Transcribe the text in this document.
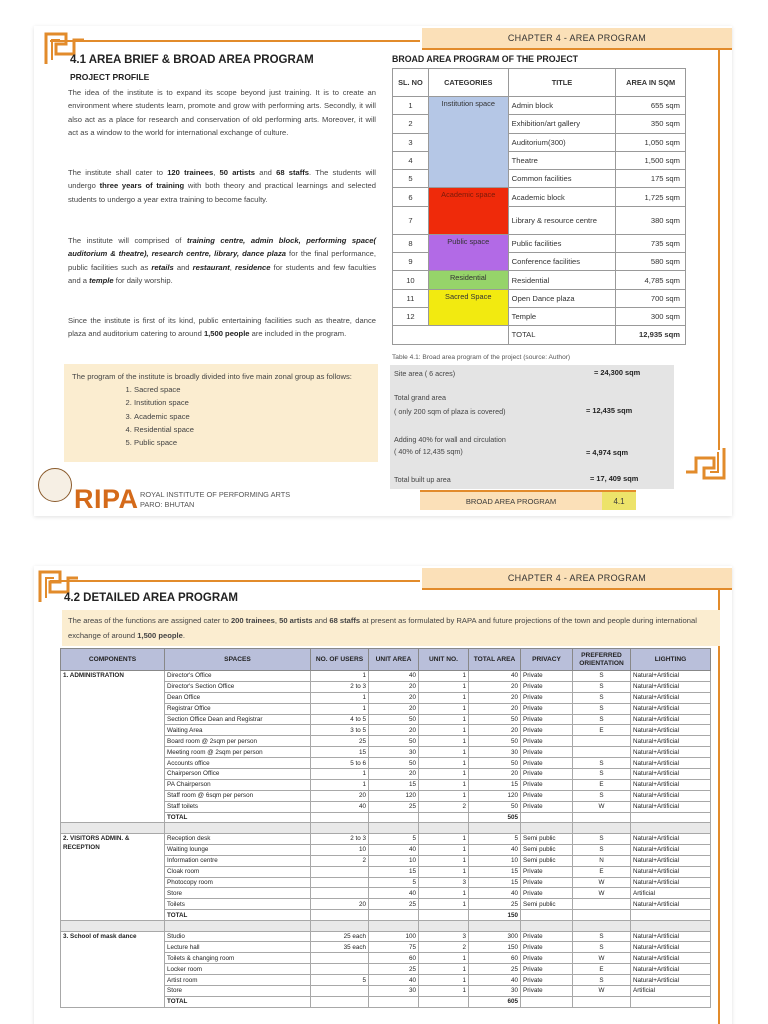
CHAPTER 4 - AREA PROGRAM
4.1 AREA BRIEF & BROAD AREA PROGRAM
PROJECT PROFILE
The idea of the institute is to expand its scope beyond just training. It is to create an environment where students learn, promote and grow with performing arts. Secondly, it will also act as a place for research and conservation of old performing arts. Moreover, it will act as a window to the world for international exchange of culture.
The institute shall cater to 120 trainees, 50 artists and 68 staffs. The students will undergo three years of training with both theory and practical learnings and selected students to undergo a year extra training to become faculty.
The institute will comprised of training centre, admin block, performing space( auditorium & theatre), research centre, library, dance plaza for the final performance, public facilities such as retails and restaurant, residence for students and few faculties and a temple for daily worship.
Since the institute is first of its kind, public entertaining facilities such as theatre, dance plaza and auditorium catering to around 1,500 people are included in the program.
The program of the institute is broadly divided into five main zonal group as follows:
1. Sacred space
2. Institution space
3. Academic space
4. Residential space
5. Public space
RIPA ROYAL INSTITUTE OF PERFORMING ARTS
PARO: BHUTAN
BROAD AREA PROGRAM OF THE PROJECT
SL. NO	CATEGORIES	TITLE	AREA IN SQM
1	Institution space	Admin block	655 sqm
2		Exhibition/art gallery	350 sqm
3		Auditorium(300)	1,050 sqm
4		Theatre	1,500 sqm
5		Common facilities	175 sqm
6	Academic space	Academic block	1,725 sqm
7		Library & resource centre	380 sqm
8	Public space	Public facilities	735 sqm
9		Conference facilities	580 sqm
10	Residential	Residential	4,785 sqm
11	Sacred Space	Open Dance plaza	700 sqm
12		Temple	300 sqm
		TOTAL	12,935 sqm
Table 4.1: Broad area program of the project (source: Author)
Site area ( 6 acres)	= 24,300 sqm
Total grand area
( only 200 sqm of plaza is covered)	= 12,435 sqm
Adding 40% for wall and circulation
( 40% of 12,435 sqm)	= 4,974 sqm
Total built up area	= 17, 409 sqm
BROAD AREA PROGRAM	4.1
CHAPTER 4 - AREA PROGRAM
4.2 DETAILED AREA PROGRAM
The areas of the functions are assigned cater to 200 trainees, 50 artists and 68 staffs at present as formulated by RAPA and future projections of the town and people during international exchange of around 1,500 people.
COMPONENTS	SPACES	NO. OF USERS	UNIT AREA	UNIT NO.	TOTAL AREA	PRIVACY	PREFERRED ORIENTATION	LIGHTING
1. ADMINISTRATION	Director's Office	1	40	1	40	Private	S	Natural+Artificial
	Director's Section Office	2 to 3	20	1	20	Private	S	Natural+Artificial
	Dean Office	1	20	1	20	Private	S	Natural+Artificial
	Registrar Office	1	20	1	20	Private	S	Natural+Artificial
	Section Office Dean and Registrar	4 to 5	50	1	50	Private	S	Natural+Artificial
	Waiting Area	3 to 5	20	1	20	Private	E	Natural+Artificial
	Board room @ 2sqm per person	25	50	1	50	Private		Natural+Artificial
	Meeting room @ 2sqm per person	15	30	1	30	Private		Natural+Artificial
	Accounts office	5 to 6	50	1	50	Private	S	Natural+Artificial
	Chairperson Office	1	20	1	20	Private	S	Natural+Artificial
	PA Chairperson	1	15	1	15	Private	E	Natural+Artificial
	Staff room @ 6sqm per person	20	120	1	120	Private	S	Natural+Artificial
	Staff toilets	40	25	2	50	Private	W	Natural+Artificial
	TOTAL				505			

2. VISITORS ADMIN. & RECEPTION	Reception desk	2 to 3	5	1	5	Semi public	S	Natural+Artificial
	Waiting lounge	10	40	1	40	Semi public	S	Natural+Artificial
	Information centre	2	10	1	10	Semi public	N	Natural+Artificial
	Cloak room		15	1	15	Private	E	Natural+Artificial
	Photocopy room		5	3	15	Private	W	Natural+Artificial
	Store		40	1	40	Private	W	Artificial
	Toilets	20	25	1	25	Semi public		Natural+Artificial
	TOTAL				150			

3. School of mask dance	Studio	25 each	100	3	300	Private	S	Natural+Artificial
	Lecture hall	35 each	75	2	150	Private	S	Natural+Artificial
	Toilets & changing room		60	1	60	Private	W	Natural+Artificial
	Locker room		25	1	25	Private	E	Natural+Artificial
	Artist room	5	40	1	40	Private	S	Natural+Artificial
	Store		30	1	30	Private	W	Artificial
	TOTAL				605			
